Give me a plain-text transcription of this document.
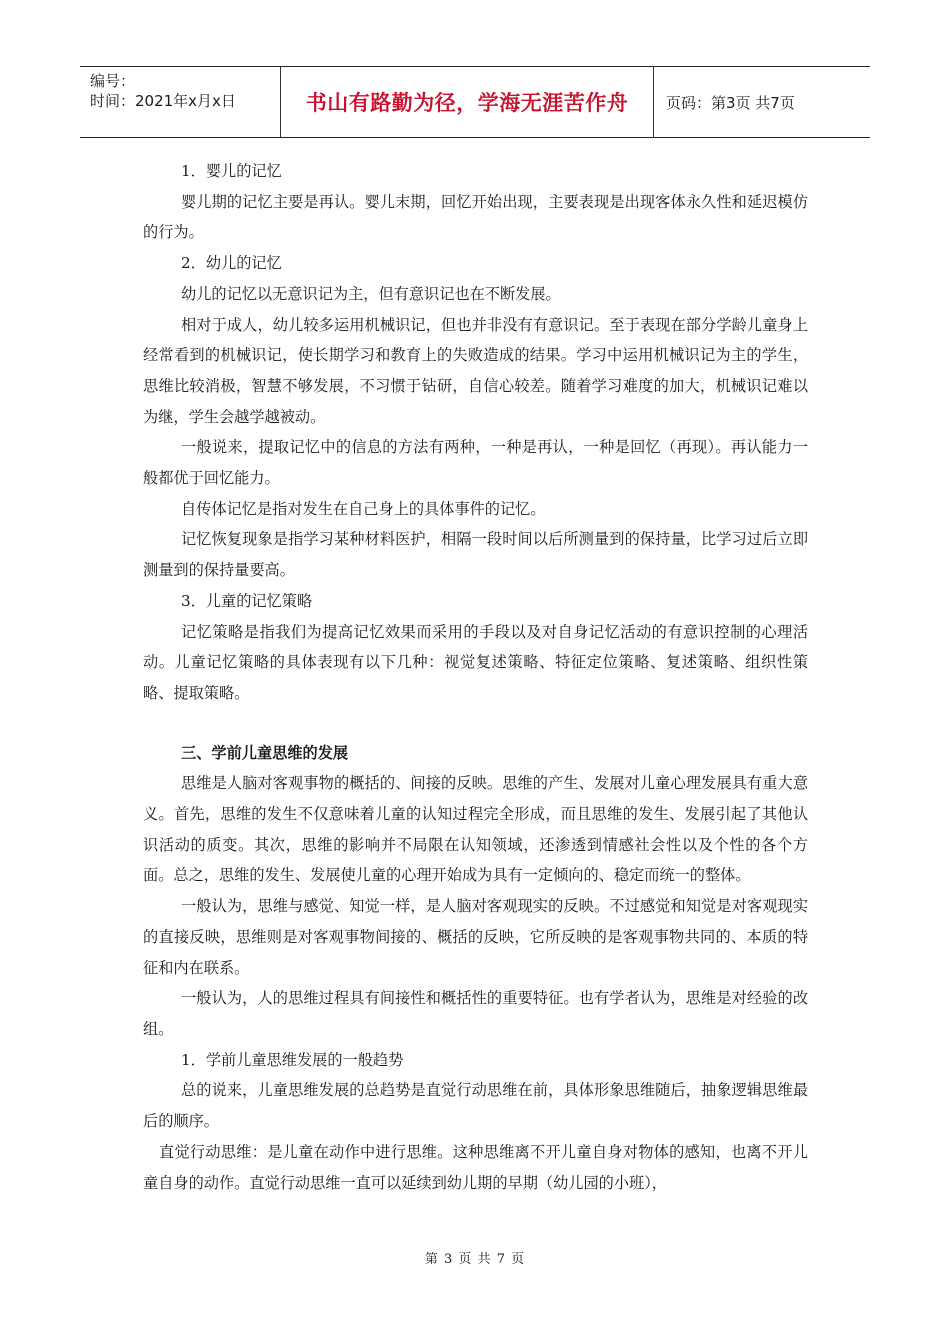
编号：
时间：2021年x月x日	书山有路勤为径，学海无涯苦作舟	页码：第3页 共7页

1．婴儿的记忆

婴儿期的记忆主要是再认。婴儿末期，回忆开始出现，主要表现是出现客体永久性和延迟模仿的行为。

2．幼儿的记忆

幼儿的记忆以无意识记为主，但有意识记也在不断发展。

相对于成人，幼儿较多运用机械识记，但也并非没有有意识记。至于表现在部分学龄儿童身上经常看到的机械识记，使长期学习和教育上的失败造成的结果。学习中运用机械识记为主的学生，思维比较消极，智慧不够发展，不习惯于钻研，自信心较差。随着学习难度的加大，机械识记难以为继，学生会越学越被动。

一般说来，提取记忆中的信息的方法有两种，一种是再认，一种是回忆（再现）。再认能力一般都优于回忆能力。

自传体记忆是指对发生在自己身上的具体事件的记忆。

记忆恢复现象是指学习某种材料医护，相隔一段时间以后所测量到的保持量，比学习过后立即测量到的保持量要高。

3．儿童的记忆策略

记忆策略是指我们为提高记忆效果而采用的手段以及对自身记忆活动的有意识控制的心理活动。儿童记忆策略的具体表现有以下几种：视觉复述策略、特征定位策略、复述策略、组织性策略、提取策略。

三、学前儿童思维的发展

思维是人脑对客观事物的概括的、间接的反映。思维的产生、发展对儿童心理发展具有重大意义。首先，思维的发生不仅意味着儿童的认知过程完全形成，而且思维的发生、发展引起了其他认识活动的质变。其次，思维的影响并不局限在认知领域，还渗透到情感社会性以及个性的各个方面。总之，思维的发生、发展使儿童的心理开始成为具有一定倾向的、稳定而统一的整体。

一般认为，思维与感觉、知觉一样，是人脑对客观现实的反映。不过感觉和知觉是对客观现实的直接反映，思维则是对客观事物间接的、概括的反映，它所反映的是客观事物共同的、本质的特征和内在联系。

一般认为，人的思维过程具有间接性和概括性的重要特征。也有学者认为，思维是对经验的改组。

1．学前儿童思维发展的一般趋势

总的说来，儿童思维发展的总趋势是直觉行动思维在前，具体形象思维随后，抽象逻辑思维最后的顺序。

直觉行动思维：是儿童在动作中进行思维。这种思维离不开儿童自身对物体的感知，也离不开儿童自身的动作。直觉行动思维一直可以延续到幼儿期的早期（幼儿园的小班），

第 3 页 共 7 页
